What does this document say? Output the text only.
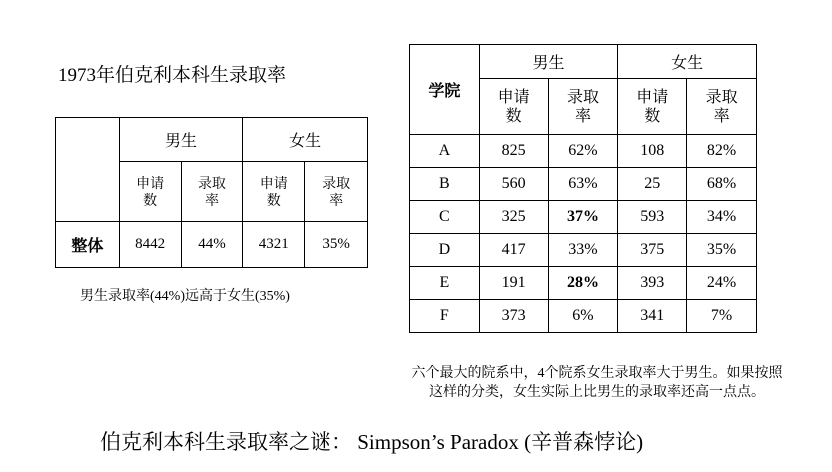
1973年伯克利本科生录取率
	男生		女生	
	申请
数	录取
率	申请
数	录取
率
整体	8442	44%	4321	35%
男生录取率(44%)远高于女生(35%)
学院	男生		女生	
	申请
数	录取
率	申请
数	录取
率
A	825	62%	108	82%
B	560	63%	25	68%
C	325	37%	593	34%
D	417	33%	375	35%
E	191	28%	393	24%
F	373	6%	341	7%
六个最大的院系中，4个院系女生录取率大于男生。如果按照
这样的分类，女生实际上比男生的录取率还高一点点。
伯克利本科生录取率之谜： Simpson’s Paradox (辛普森悖论)
